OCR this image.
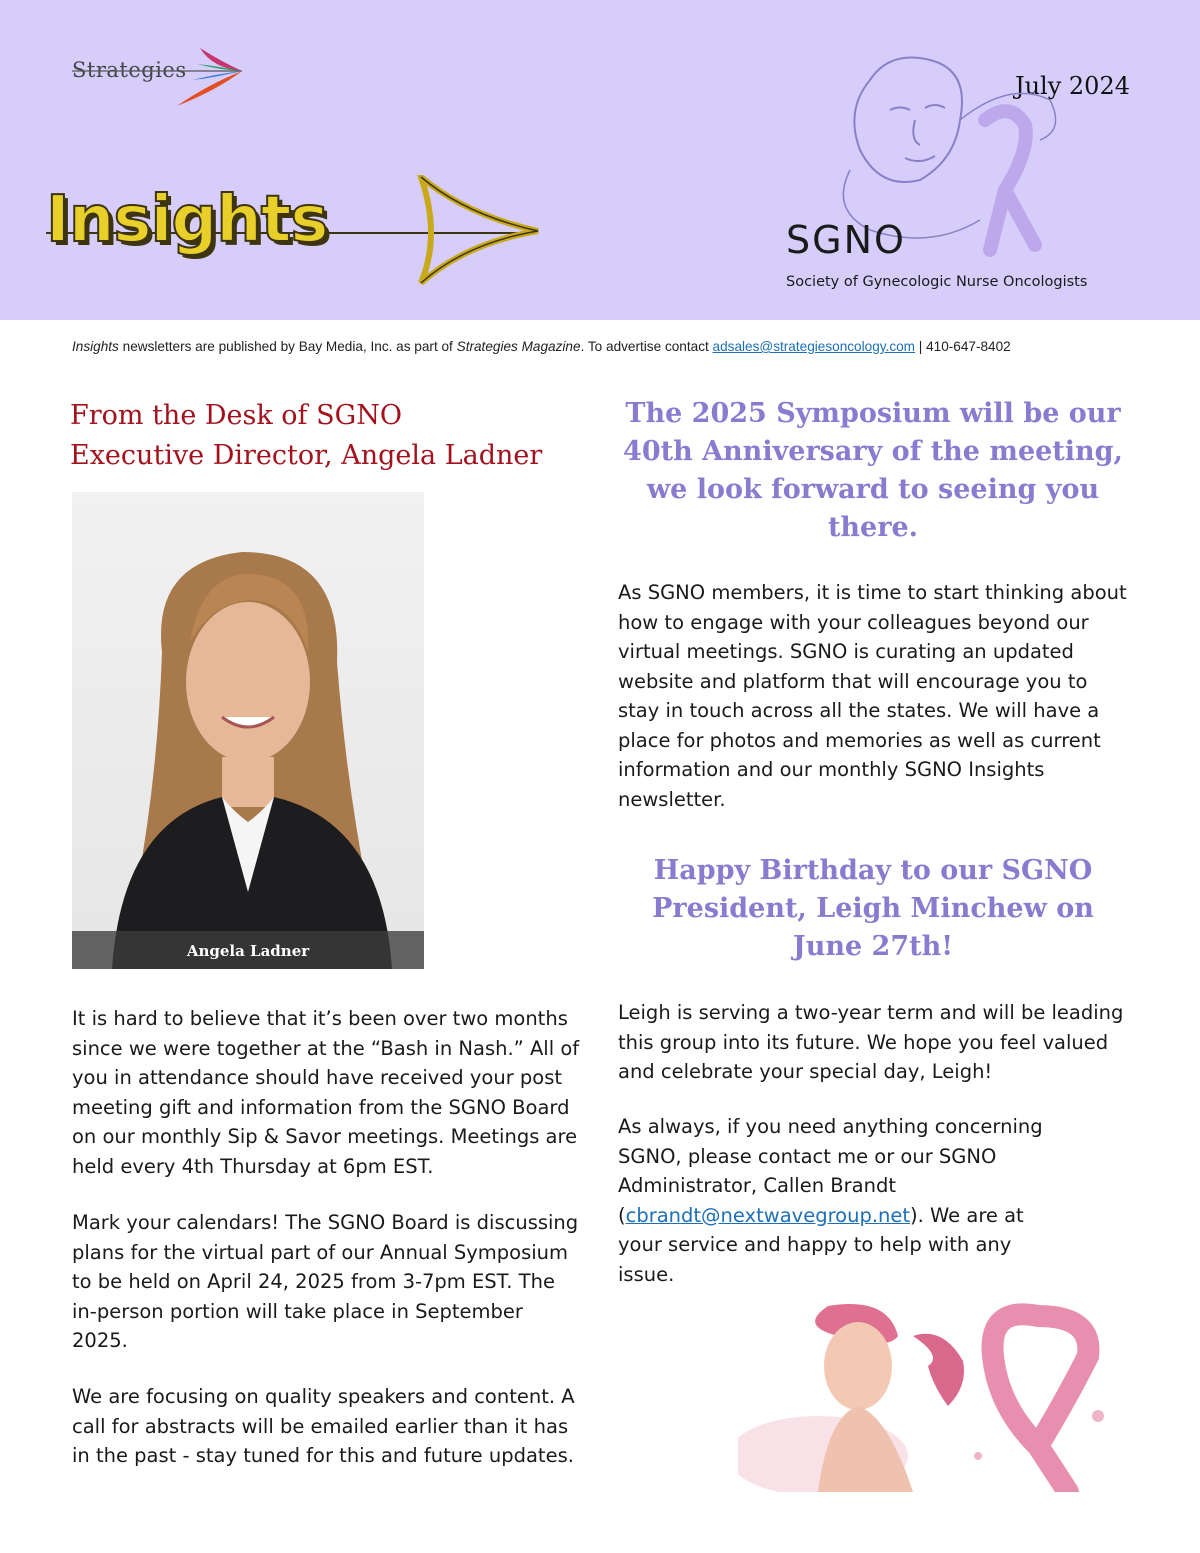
Strategies
Insights
July 2024
SGNO
Society of Gynecologic Nurse Oncologists
Insights newsletters are published by Bay Media, Inc. as part of Strategies Magazine. To advertise contact adsales@strategiesoncology.com | 410-647-8402
From the Desk of SGNO
Executive Director, Angela Ladner
Angela Ladner

It is hard to believe that it’s been over two months since we were together at the “Bash in Nash.” All of you in attendance should have received your post meeting gift and information from the SGNO Board on our monthly Sip & Savor meetings. Meetings are held every 4th Thursday at 6pm EST.

Mark your calendars! The SGNO Board is discussing plans for the virtual part of our Annual Symposium to be held on April 24, 2025 from 3-7pm EST. The in-person portion will take place in September 2025.

We are focusing on quality speakers and content. A call for abstracts will be emailed earlier than it has in the past - stay tuned for this and future updates.

The 2025 Symposium will be our 40th Anniversary of the meeting, we look forward to seeing you there.

As SGNO members, it is time to start thinking about how to engage with your colleagues beyond our virtual meetings. SGNO is curating an updated website and platform that will encourage you to stay in touch across all the states. We will have a place for photos and memories as well as current information and our monthly SGNO Insights newsletter.

Happy Birthday to our SGNO President, Leigh Minchew on June 27th!

Leigh is serving a two-year term and will be leading this group into its future. We hope you feel valued and celebrate your special day, Leigh!

As always, if you need anything concerning SGNO, please contact me or our SGNO Administrator, Callen Brandt (cbrandt@nextwavegroup.net). We are at your service and happy to help with any issue.
